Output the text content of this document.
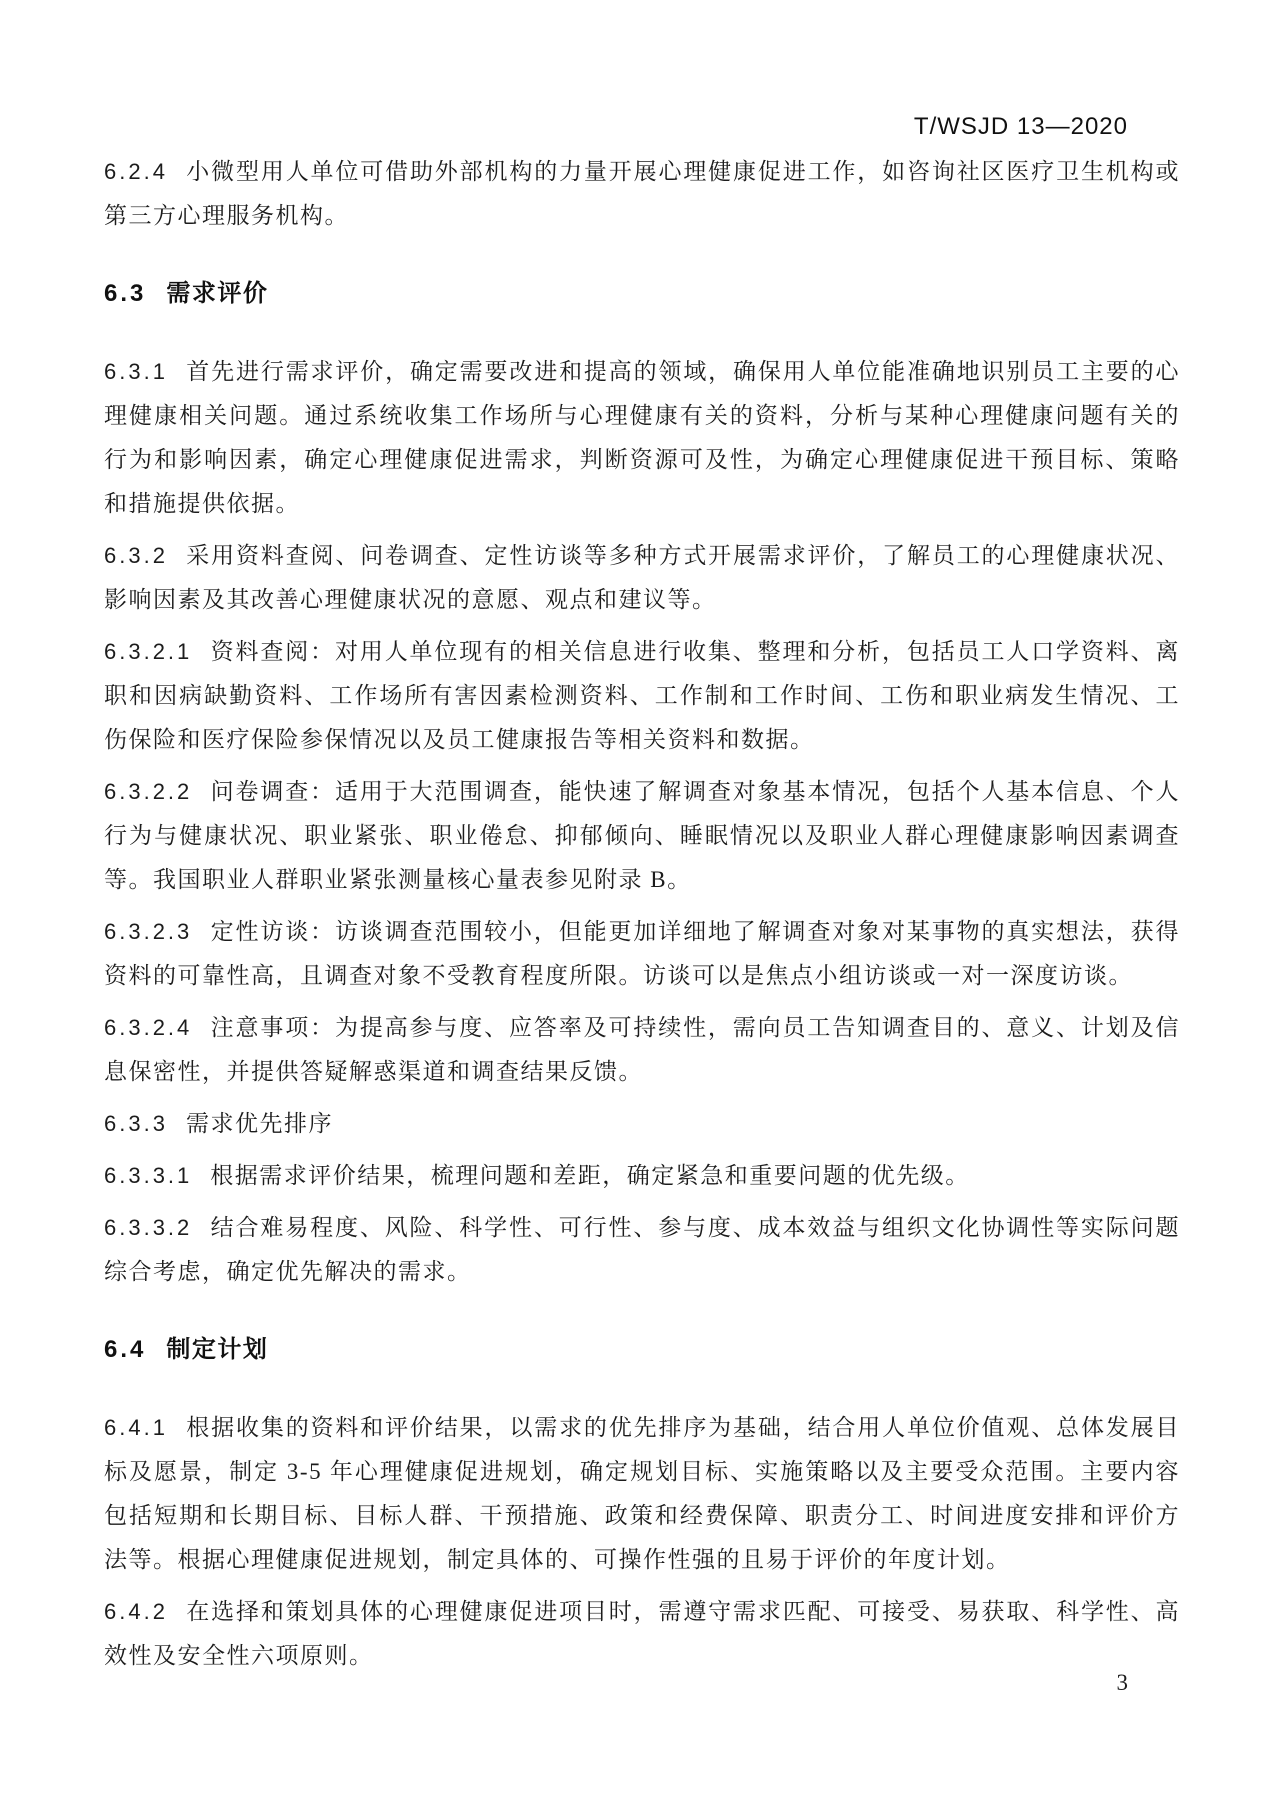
T/WSJD 13—2020

6.2.4 小微型用人单位可借助外部机构的力量开展心理健康促进工作，如咨询社区医疗卫生机构或第三方心理服务机构。

6.3 需求评价

6.3.1 首先进行需求评价，确定需要改进和提高的领域，确保用人单位能准确地识别员工主要的心理健康相关问题。通过系统收集工作场所与心理健康有关的资料，分析与某种心理健康问题有关的行为和影响因素，确定心理健康促进需求，判断资源可及性，为确定心理健康促进干预目标、策略和措施提供依据。

6.3.2 采用资料查阅、问卷调查、定性访谈等多种方式开展需求评价，了解员工的心理健康状况、影响因素及其改善心理健康状况的意愿、观点和建议等。

6.3.2.1 资料查阅：对用人单位现有的相关信息进行收集、整理和分析，包括员工人口学资料、离职和因病缺勤资料、工作场所有害因素检测资料、工作制和工作时间、工伤和职业病发生情况、工伤保险和医疗保险参保情况以及员工健康报告等相关资料和数据。

6.3.2.2 问卷调查：适用于大范围调查，能快速了解调查对象基本情况，包括个人基本信息、个人行为与健康状况、职业紧张、职业倦怠、抑郁倾向、睡眠情况以及职业人群心理健康影响因素调查等。我国职业人群职业紧张测量核心量表参见附录 B。

6.3.2.3 定性访谈：访谈调查范围较小，但能更加详细地了解调查对象对某事物的真实想法，获得资料的可靠性高，且调查对象不受教育程度所限。访谈可以是焦点小组访谈或一对一深度访谈。

6.3.2.4 注意事项：为提高参与度、应答率及可持续性，需向员工告知调查目的、意义、计划及信息保密性，并提供答疑解惑渠道和调查结果反馈。

6.3.3 需求优先排序

6.3.3.1 根据需求评价结果，梳理问题和差距，确定紧急和重要问题的优先级。

6.3.3.2 结合难易程度、风险、科学性、可行性、参与度、成本效益与组织文化协调性等实际问题综合考虑，确定优先解决的需求。

6.4 制定计划

6.4.1 根据收集的资料和评价结果，以需求的优先排序为基础，结合用人单位价值观、总体发展目标及愿景，制定 3-5 年心理健康促进规划，确定规划目标、实施策略以及主要受众范围。主要内容包括短期和长期目标、目标人群、干预措施、政策和经费保障、职责分工、时间进度安排和评价方法等。根据心理健康促进规划，制定具体的、可操作性强的且易于评价的年度计划。

6.4.2 在选择和策划具体的心理健康促进项目时，需遵守需求匹配、可接受、易获取、科学性、高效性及安全性六项原则。

3
